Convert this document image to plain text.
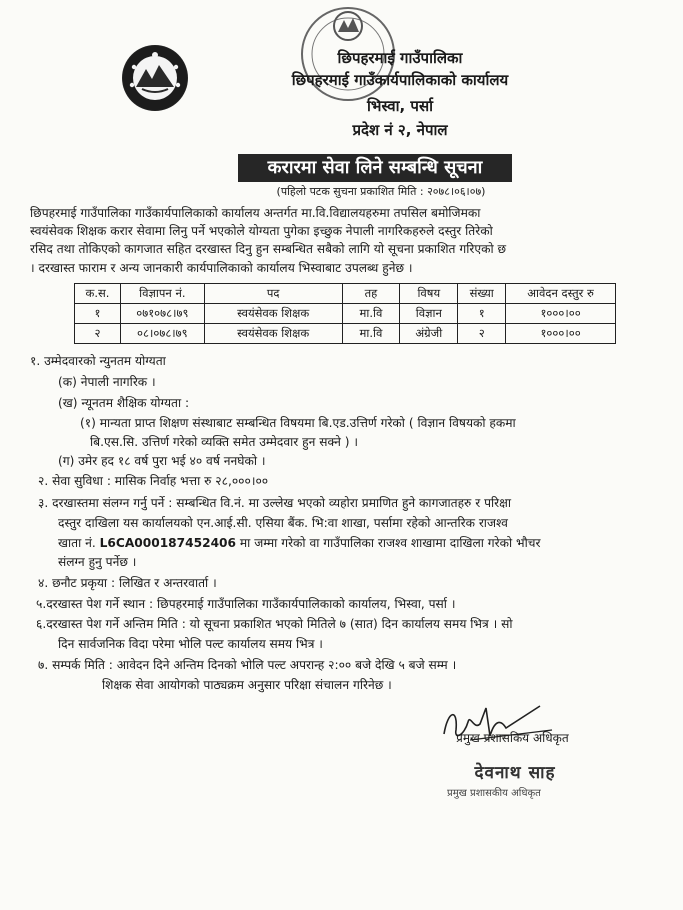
छिपहरमाई गाउँपालिका
छिपहरमाई गाउँकार्यपालिकाको कार्यालय
भिस्वा, पर्सा
प्रदेश नं २, नेपाल
करारमा सेवा लिने सम्बन्धि सूचना
(पहिलो पटक सुचना प्रकाशित मिति : २०७८।०६।०७)
छिपहरमाई गाउँपालिका गाउँकार्यपालिकाको कार्यालय अन्तर्गत मा.वि.विद्यालयहरुमा तपसिल बमोजिमका
स्वयंसेवक शिक्षक करार सेवामा लिनु पर्ने भएकोले योग्यता पुगेका इच्छुक नेपाली नागरिकहरुले दस्तुर तिरेको
रसिद तथा तोकिएको कागजात सहित दरखास्त दिनु हुन सम्बन्धित सबैको लागि यो सूचना प्रकाशित गरिएको छ
। दरखास्त फाराम र अन्य जानकारी कार्यपालिकाको कार्यालय भिस्वाबाट उपलब्ध हुनेछ ।
क.स.	विज्ञापन नं.	पद	तह	विषय	संख्या	आवेदन दस्तुर रु
१	०७१०७८।७९	स्वयंसेवक शिक्षक	मा.वि	विज्ञान	१	१०००।००
२	०८।०७८।७९	स्वयंसेवक शिक्षक	मा.वि	अंग्रेजी	२	१०००।००
१. उम्मेदवारको न्युनतम योग्यता
(क) नेपाली नागरिक ।
(ख) न्यूनतम शैक्षिक योग्यता :
(१) मान्यता प्राप्त शिक्षण संस्थाबाट सम्बन्धित विषयमा बि.एड.उत्तिर्ण गरेको ( विज्ञान विषयको हकमा
बि.एस.सि. उत्तिर्ण गरेको व्यक्ति समेत उम्मेदवार हुन सक्ने ) ।
(ग) उमेर हद १८ वर्ष पुरा भई ४० वर्ष ननघेको ।
२. सेवा सुविधा : मासिक निर्वाह भत्ता रु २८,०००।००
३. दरखास्तमा संलग्न गर्नु पर्ने : सम्बन्धित वि.नं. मा उल्लेख भएको व्यहोरा प्रमाणित हुने कागजातहरु र परिक्षा
दस्तुर दाखिला यस कार्यालयको एन.आई.सी. एसिया बैंक. भि:वा शाखा, पर्सामा रहेको आन्तरिक राजश्व
खाता नं. L6CA000187452406 मा जम्मा गरेको वा गाउँपालिका राजश्व शाखामा दाखिला गरेको भौचर
संलग्न हुनु पर्नेछ ।
४. छनौट प्रकृया : लिखित र अन्तरवार्ता ।
५.दरखास्त पेश गर्ने स्थान : छिपहरमाई गाउँपालिका गाउँकार्यपालिकाको कार्यालय, भिस्वा, पर्सा ।
६.दरखास्त पेश गर्ने अन्तिम मिति : यो सूचना प्रकाशित भएको मितिले ७ (सात) दिन कार्यालय समय भित्र । सो
दिन सार्वजनिक विदा परेमा भोलि पल्ट कार्यालय समय भित्र ।
७. सम्पर्क मिति : आवेदन दिने अन्तिम दिनको भोलि पल्ट अपरान्ह २:०० बजे देखि ५ बजे सम्म ।
शिक्षक सेवा आयोगको पाठ्यक्रम अनुसार परिक्षा संचालन गरिनेछ ।
प्रमुख प्रशासकिय अधिकृत
देवनाथ साह
प्रमुख प्रशासकीय अधिकृत
